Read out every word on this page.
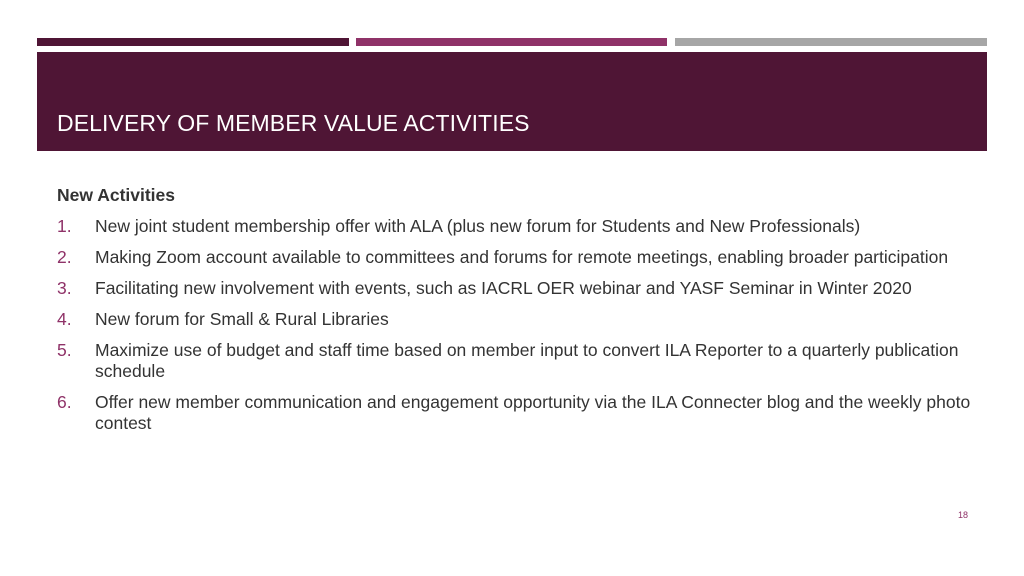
DELIVERY OF MEMBER VALUE ACTIVITIES
New Activities
1. New joint student membership offer with ALA (plus new forum for Students and New Professionals)
2. Making Zoom account available to committees and forums for remote meetings, enabling broader participation
3. Facilitating new involvement with events, such as IACRL OER webinar and YASF Seminar in Winter 2020
4. New forum for Small & Rural Libraries
5. Maximize use of budget and staff time based on member input to convert ILA Reporter to a quarterly publication schedule
6. Offer new member communication and engagement opportunity via the ILA Connecter blog and the weekly photo contest
18
